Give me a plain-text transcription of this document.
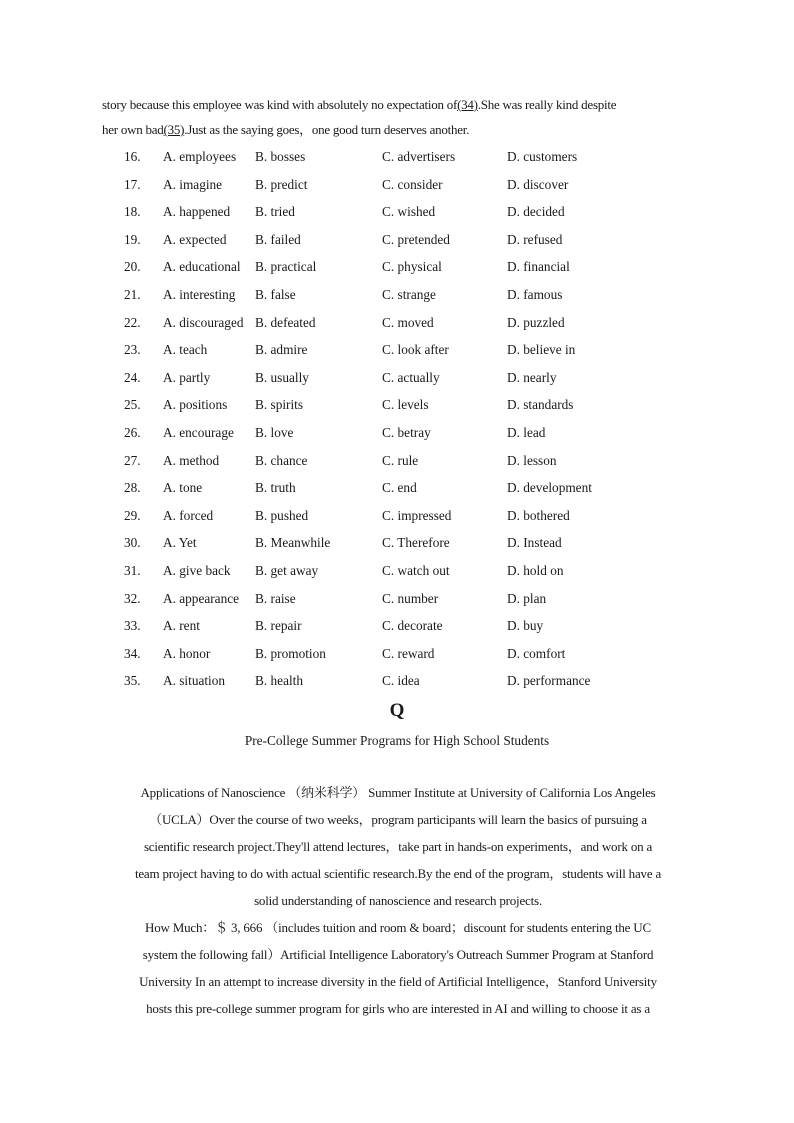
story because this employee was kind with absolutely no expectation of(34).She was really kind despite

her own bad(35).Just as the saying goes，one good turn deserves another.

16. A. employees B. bosses	C. advertisers	D. customers
17. A. imagine B. predict	C. consider	D. discover
18. A. happened B. tried	C. wished	D. decided
19. A. expected B. failed	C. pretended	D. refused
20. A. educational B. practical	C. physical	D. financial
21. A. interesting B. false	C. strange	D. famous
22. A. discouraged B. defeated	C. moved	D. puzzled
23. A. teach	B. admire	C. look after	D. believe in
24. A. partly	B. usually	C. actually	D. nearly
25. A. positions B. spirits	C. levels	D. standards
26. A. encourage B. love	C. betray	D. lead
27. A. method	B. chance	C. rule	D. lesson
28. A. tone	B. truth	C. end	D. development
29. A. forced	B. pushed	C. impressed	D. bothered
30. A. Yet	B. Meanwhile	C. Therefore	D. Instead
31. A. give back B. get away	C. watch out	D. hold on
32. A. appearance B. raise	C. number	D. plan
33. A. rent	B. repair	C. decorate	D. buy
34. A. honor	B. promotion	C. reward	D. comfort
35. A. situation B. health	C. idea	D. performance
Q
Pre-College Summer Programs for High School Students

Applications of Nanoscience （纳米科学） Summer Institute at University of California Los Angeles

（UCLA）Over the course of two weeks，program participants will learn the basics of pursuing a

scientific research project.They'll attend lectures，take part in hands-on experiments，and work on a

team project having to do with actual scientific research.By the end of the program，students will have a

solid understanding of nanoscience and research projects.

How Much：＄ 3, 666 （includes tuition and room & board；discount for students entering the UC

system the following fall）Artificial Intelligence Laboratory's Outreach Summer Program at Stanford

University In an attempt to increase diversity in the field of Artificial Intelligence，Stanford University

hosts this pre-college summer program for girls who are interested in AI and willing to choose it as a
